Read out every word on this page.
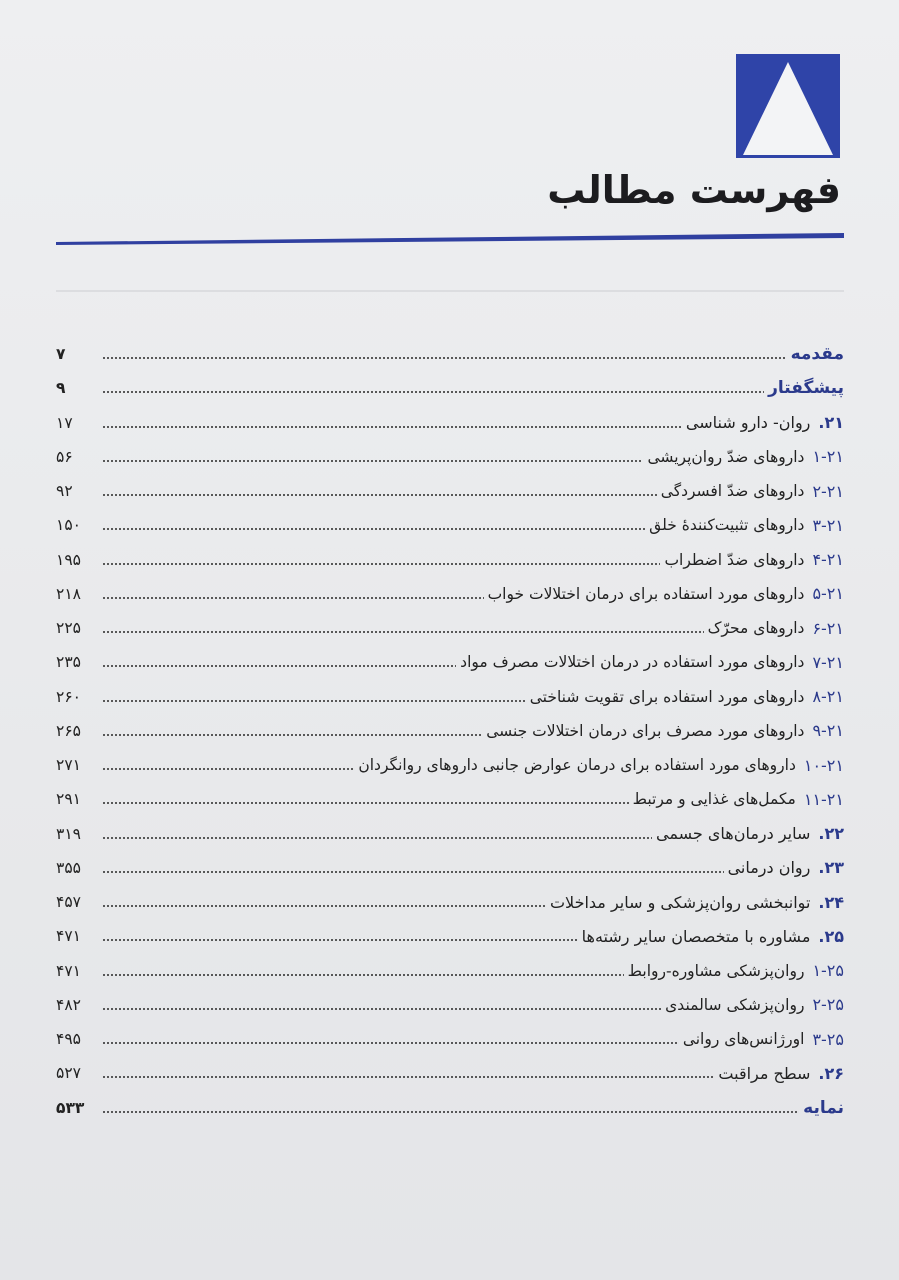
فهرست مطالب
مقدمه
۷
پیشگفتار
۹
۲۱.
روان- دارو شناسی
۱۷
۱-۲۱
داروهای ضدّ روان‌پریشی
۵۶
۲-۲۱
داروهای ضدّ افسردگی
۹۲
۳-۲۱
داروهای تثبیت‌کنندهٔ خلق
۱۵۰
۴-۲۱
داروهای ضدّ اضطراب
۱۹۵
۵-۲۱
داروهای مورد استفاده برای درمان اختلالات خواب
۲۱۸
۶-۲۱
داروهای محرّک
۲۲۵
۷-۲۱
داروهای مورد استفاده در درمان اختلالات مصرف مواد
۲۳۵
۸-۲۱
داروهای مورد استفاده برای تقویت شناختی
۲۶۰
۹-۲۱
داروهای مورد مصرف برای درمان اختلالات جنسی
۲۶۵
۱۰-۲۱
داروهای مورد استفاده برای درمان عوارض جانبی داروهای روانگردان
۲۷۱
۱۱-۲۱
مکمل‌های غذایی و مرتبط
۲۹۱
۲۲.
سایر درمان‌های جسمی
۳۱۹
۲۳.
روان درمانی
۳۵۵
۲۴.
توانبخشی روان‌پزشکی و سایر مداخلات
۴۵۷
۲۵.
مشاوره با متخصصان سایر رشته‌ها
۴۷۱
۱-۲۵
روان‌پزشکی مشاوره-روابط
۴۷۱
۲-۲۵
روان‌پزشکی سالمندی
۴۸۲
۳-۲۵
اورژانس‌های روانی
۴۹۵
۲۶.
سطح مراقبت
۵۲۷
نمایه
۵۳۳
